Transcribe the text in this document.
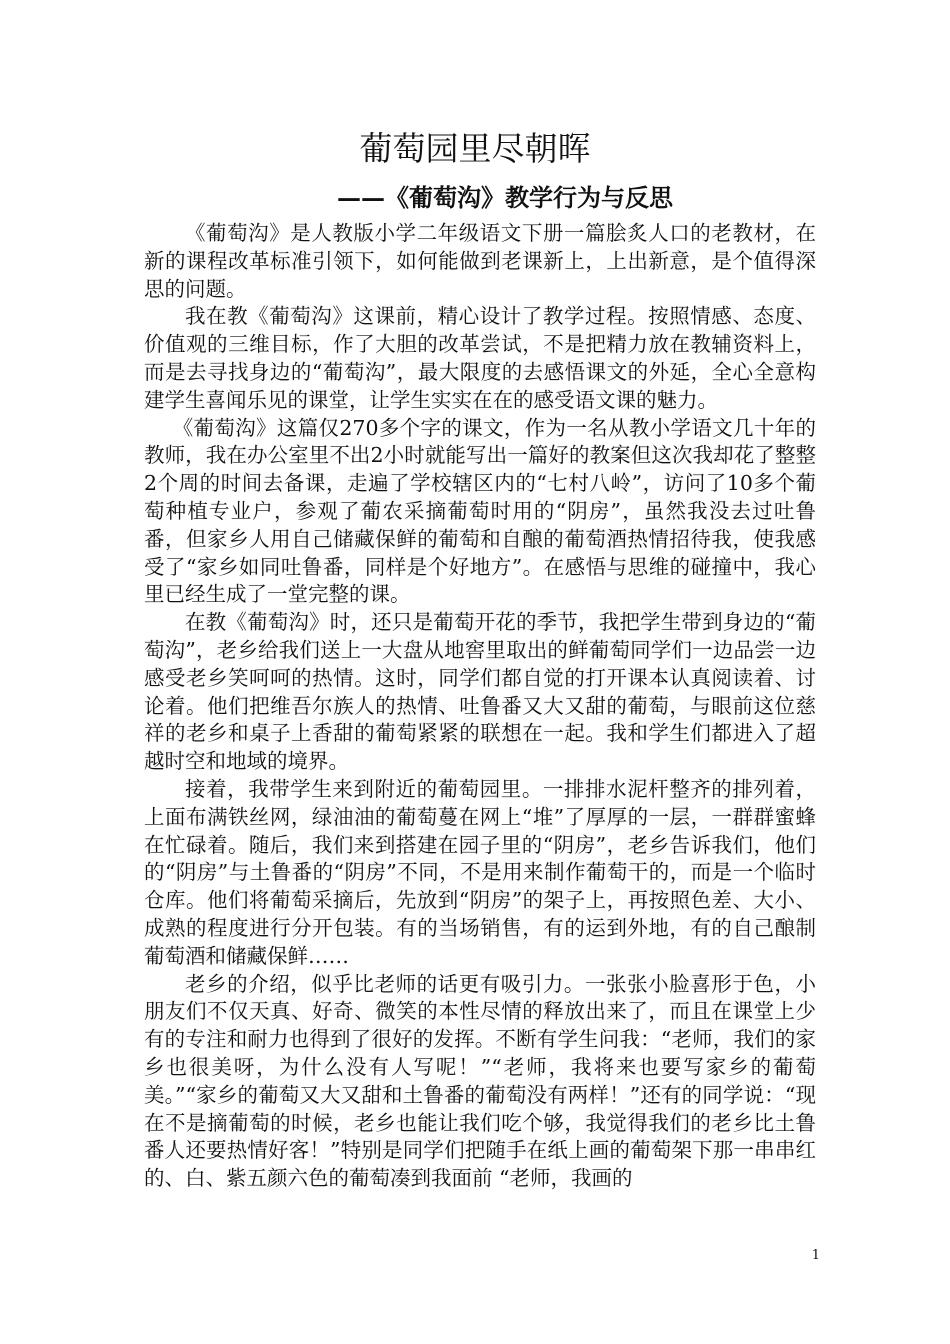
葡萄园里尽朝晖
——《葡萄沟》教学行为与反思

《葡萄沟》是人教版小学二年级语文下册一篇脍炙人口的老教材，在新的课程改革标准引领下，如何能做到老课新上，上出新意，是个值得深思的问题。

我在教《葡萄沟》这课前，精心设计了教学过程。按照情感、态度、价值观的三维目标，作了大胆的改革尝试，不是把精力放在教辅资料上，而是去寻找身边的“葡萄沟”，最大限度的去感悟课文的外延，全心全意构建学生喜闻乐见的课堂，让学生实实在在的感受语文课的魅力。

《葡萄沟》这篇仅270多个字的课文，作为一名从教小学语文几十年的教师，我在办公室里不出2小时就能写出一篇好的教案但这次我却花了整整2个周的时间去备课，走遍了学校辖区内的“七村八岭”，访问了10多个葡萄种植专业户，参观了葡农采摘葡萄时用的“阴房”，虽然我没去过吐鲁番，但家乡人用自己储藏保鲜的葡萄和自酿的葡萄酒热情招待我，使我感受了“家乡如同吐鲁番，同样是个好地方”。在感悟与思维的碰撞中，我心里已经生成了一堂完整的课。

在教《葡萄沟》时，还只是葡萄开花的季节，我把学生带到身边的“葡萄沟”，老乡给我们送上一大盘从地窖里取出的鲜葡萄同学们一边品尝一边感受老乡笑呵呵的热情。这时，同学们都自觉的打开课本认真阅读着、讨论着。他们把维吾尔族人的热情、吐鲁番又大又甜的葡萄，与眼前这位慈祥的老乡和桌子上香甜的葡萄紧紧的联想在一起。我和学生们都进入了超越时空和地域的境界。

接着，我带学生来到附近的葡萄园里。一排排水泥杆整齐的排列着，上面布满铁丝网，绿油油的葡萄蔓在网上“堆”了厚厚的一层，一群群蜜蜂在忙碌着。随后，我们来到搭建在园子里的“阴房”，老乡告诉我们，他们的“阴房”与土鲁番的“阴房”不同，不是用来制作葡萄干的，而是一个临时仓库。他们将葡萄采摘后，先放到“阴房”的架子上，再按照色差、大小、成熟的程度进行分开包装。有的当场销售，有的运到外地，有的自己酿制葡萄酒和储藏保鲜……

老乡的介绍，似乎比老师的话更有吸引力。一张张小脸喜形于色，小朋友们不仅天真、好奇、微笑的本性尽情的释放出来了，而且在课堂上少有的专注和耐力也得到了很好的发挥。不断有学生问我：“老师，我们的家乡也很美呀，为什么没有人写呢！”“老师，我将来也要写家乡的葡萄美。”“家乡的葡萄又大又甜和土鲁番的葡萄没有两样！”还有的同学说：“现在不是摘葡萄的时候，老乡也能让我们吃个够，我觉得我们的老乡比土鲁番人还要热情好客！”特别是同学们把随手在纸上画的葡萄架下那一串串红的、白、紫五颜六色的葡萄凑到我面前 “老师，我画的

1
